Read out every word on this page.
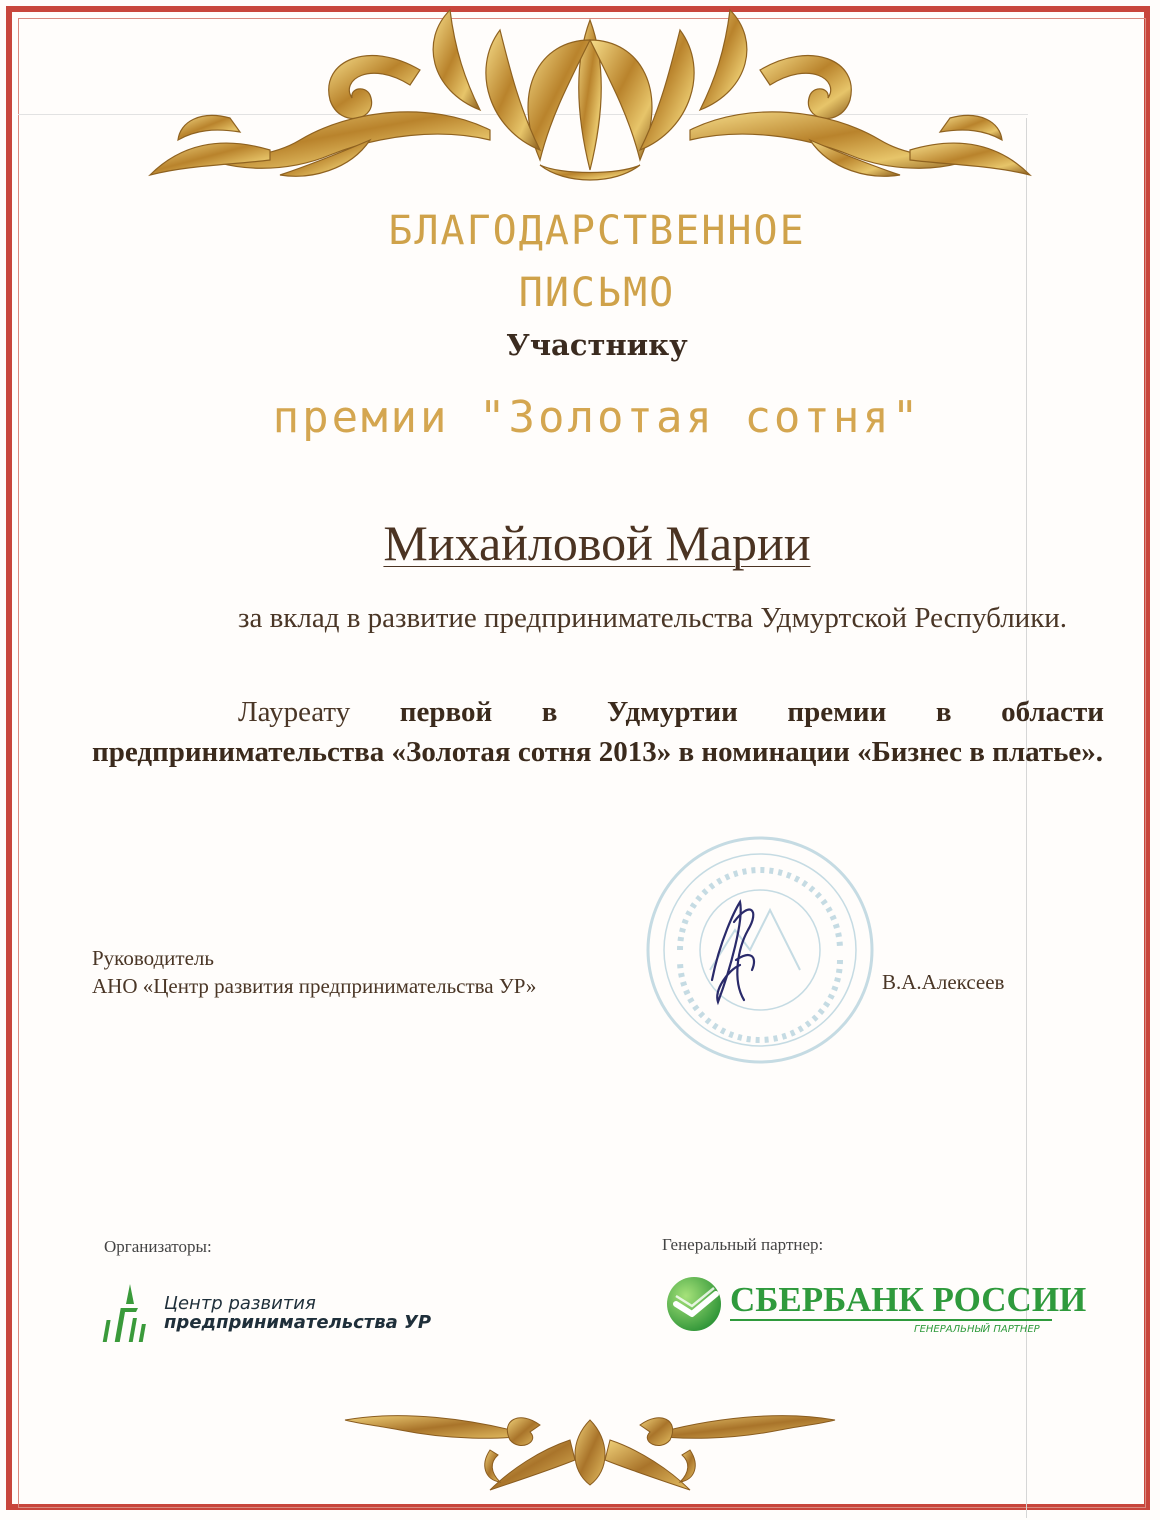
БЛАГОДАРСТВЕННОЕ
ПИСЬМО
Участнику
премии "Золотая сотня"
Михайловой Марии
за вклад в развитие предпринимательства Удмуртской Республики.
Лауреату первой в Удмуртии премии в области предпринимательства «Золотая сотня 2013» в номинации «Бизнес в платье».
Руководитель
АНО «Центр развития предпринимательства УР»	В.А.Алексеев
Организаторы:	Генеральный партнер:
Центр развития
предпринимательства УР
СБЕРБАНК РОССИИ
ГЕНЕРАЛЬНЫЙ ПАРТНЕР
